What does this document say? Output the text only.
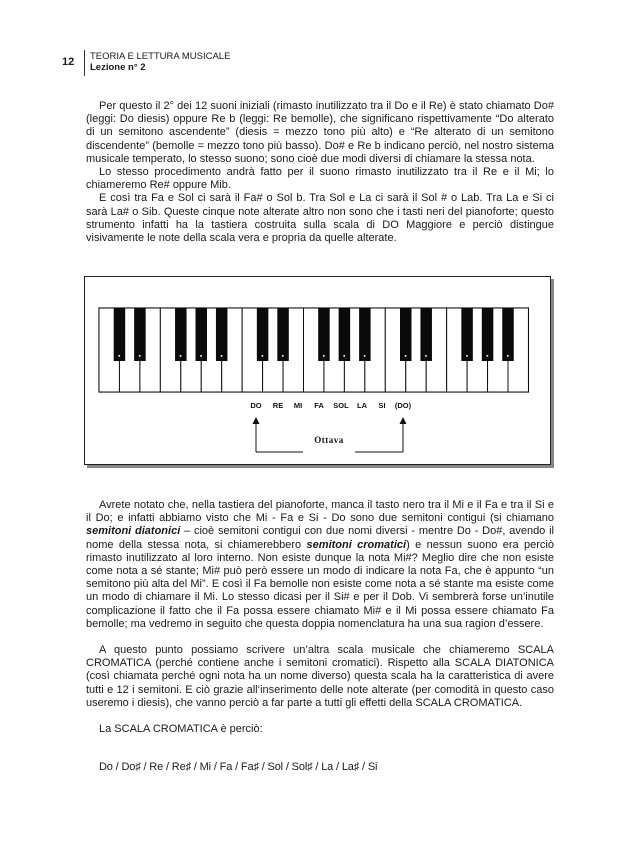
12 TEORIA E LETTURA MUSICALE
Lezione n° 2

Per questo il 2° dei 12 suoni iniziali (rimasto inutilizzato tra il Do e il Re) è stato chiamato Do# (leggi: Do diesis) oppure Re b (leggi: Re bemolle), che significano rispettivamente “Do alterato di un semitono ascendente” (diesis = mezzo tono più alto) e “Re alterato di un semitono discendente” (bemolle = mezzo tono più basso). Do# e Re b indicano perciò, nel nostro sistema musicale temperato, lo stesso suono; sono cioè due modi diversi di chiamare la stessa nota.

Lo stesso procedimento andrà fatto per il suono rimasto inutilizzato tra il Re e il Mi; lo chiameremo Re# oppure Mib.

E così tra Fa e Sol ci sarà il Fa# o Sol b. Tra Sol e La ci sarà il Sol # o Lab. Tra La e Si ci sarà La# o Sib. Queste cinque note alterate altro non sono che i tasti neri del pianoforte; questo strumento infatti ha la tastiera costruita sulla scala di DO Maggiore e perciò distingue visivamente le note della scala vera e propria da quelle alterate.

DO RE MI FA SOL LA SI (DO)
Ottava

Avrete notato che, nella tastiera del pianoforte, manca il tasto nero tra il Mi e il Fa e tra il Si e il Do; e infatti abbiamo visto che Mi - Fa e Si - Do sono due semitoni contigui (si chiamano semitoni diatonici – cioè semitoni contigui con due nomi diversi - mentre Do - Do#, avendo il nome della stessa nota, si chiamerebbero semitoni cromatici) e nessun suono era perciò rimasto inutilizzato al loro interno. Non esiste dunque la nota Mi#? Meglio dire che non esiste come nota a sé stante; Mi# può però essere un modo di indicare la nota Fa, che è appunto “un semitono più alta del Mi”. E così il Fa bemolle non esiste come nota a sé stante ma esiste come un modo di chiamare il Mi. Lo stesso dicasi per il Si# e per il Dob. Vi sembrerà forse un’inutile complicazione il fatto che il Fa possa essere chiamato Mi# e il Mi possa essere chiamato Fa bemolle; ma vedremo in seguito che questa doppia nomenclatura ha una sua ragion d’essere.

A questo punto possiamo scrivere un’altra scala musicale che chiameremo SCALA CROMATICA (perché contiene anche i semitoni cromatici). Rispetto alla SCALA DIATONICA (così chiamata perché ogni nota ha un nome diverso) questa scala ha la caratteristica di avere tutti e 12 i semitoni. E ciò grazie all’inserimento delle note alterate (per comodità in questo caso useremo i diesis), che vanno perciò a far parte a tutti gli effetti della SCALA CROMATICA.

La SCALA CROMATICA è perciò:
Do / Do♯ / Re / Re♯ / Mi / Fa / Fa♯ / Sol / Sol♯ / La / La♯ / Si
